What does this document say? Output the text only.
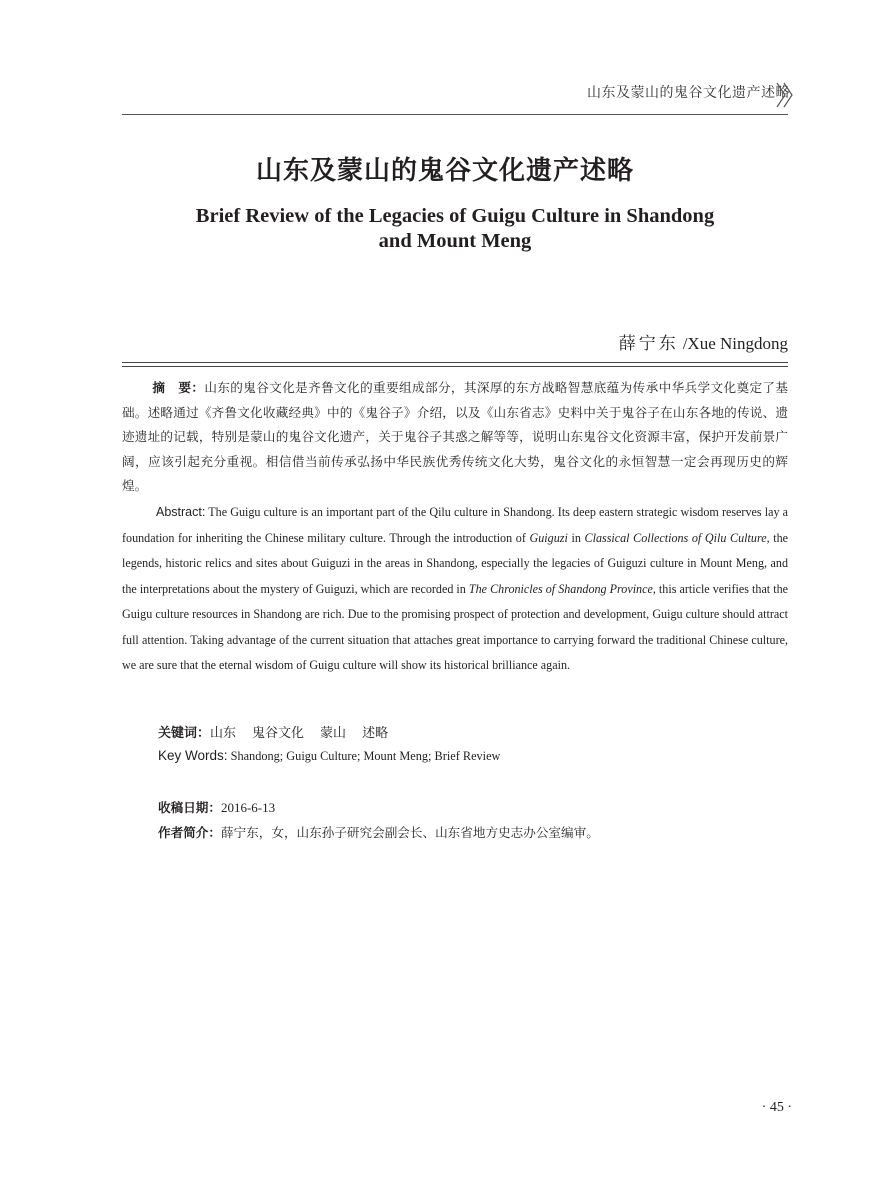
山东及蒙山的鬼谷文化遗产述略
山东及蒙山的鬼谷文化遗产述略
Brief Review of the Legacies of Guigu Culture in Shandong
and Mount Meng
薛宁东 /Xue Ningdong
摘　要：山东的鬼谷文化是齐鲁文化的重要组成部分，其深厚的东方战略智慧底蕴为传承中华兵学文化奠定了基础。述略通过《齐鲁文化收藏经典》中的《鬼谷子》介绍，以及《山东省志》史料中关于鬼谷子在山东各地的传说、遗迹遗址的记载，特别是蒙山的鬼谷文化遗产，关于鬼谷子其惑之解等等，说明山东鬼谷文化资源丰富，保护开发前景广阔，应该引起充分重视。相信借当前传承弘扬中华民族优秀传统文化大势，鬼谷文化的永恒智慧一定会再现历史的辉煌。
Abstract: The Guigu culture is an important part of the Qilu culture in Shandong. Its deep eastern strategic wisdom reserves lay a foundation for inheriting the Chinese military culture. Through the introduction of Guiguzi in Classical Collections of Qilu Culture, the legends, historic relics and sites about Guiguzi in the areas in Shandong, especially the legacies of Guiguzi culture in Mount Meng, and the interpretations about the mystery of Guiguzi, which are recorded in The Chronicles of Shandong Province, this article verifies that the Guigu culture resources in Shandong are rich. Due to the promising prospect of protection and development, Guigu culture should attract full attention. Taking advantage of the current situation that attaches great importance to carrying forward the traditional Chinese culture, we are sure that the eternal wisdom of Guigu culture will show its historical brilliance again.
关键词：山东 鬼谷文化 蒙山 述略
Key Words: Shandong; Guigu Culture; Mount Meng; Brief Review
收稿日期：2016-6-13
作者简介：薛宁东，女，山东孙子研究会副会长、山东省地方史志办公室编审。
· 45 ·
